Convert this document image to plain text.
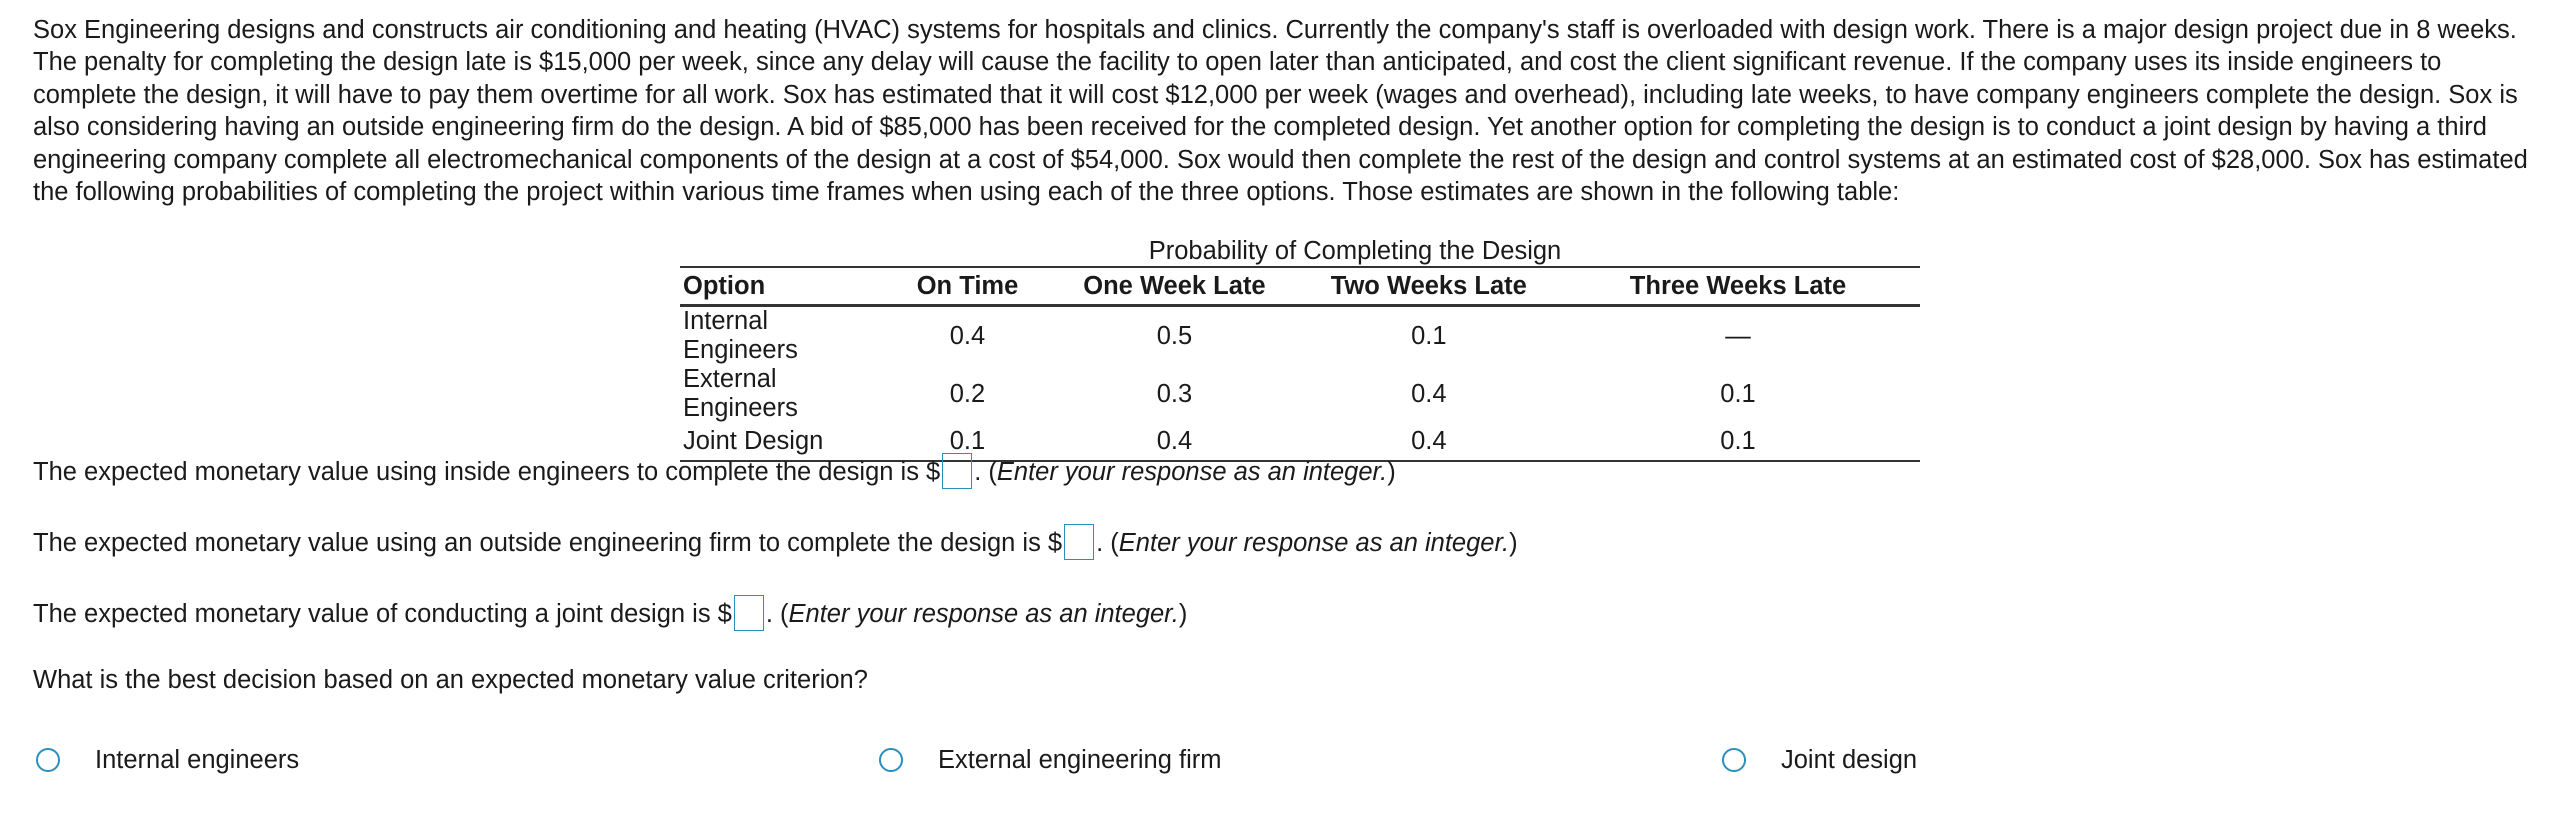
Sox Engineering designs and constructs air conditioning and heating (HVAC) systems for hospitals and clinics. Currently the company's staff is overloaded with design work. There is a major design project due in 8 weeks. The penalty for completing the design late is $15,000 per week, since any delay will cause the facility to open later than anticipated, and cost the client significant revenue. If the company uses its inside engineers to complete the design, it will have to pay them overtime for all work. Sox has estimated that it will cost $12,000 per week (wages and overhead), including late weeks, to have company engineers complete the design. Sox is also considering having an outside engineering firm do the design. A bid of $85,000 has been received for the completed design. Yet another option for completing the design is to conduct a joint design by having a third engineering company complete all electromechanical components of the design at a cost of $54,000. Sox would then complete the rest of the design and control systems at an estimated cost of $28,000. Sox has estimated the following probabilities of completing the project within various time frames when using each of the three options. Those estimates are shown in the following table:

Probability of Completing the Design
Option	On Time	One Week Late	Two Weeks Late	Three Weeks Late
Internal Engineers	0.4	0.5	0.1	—
External Engineers	0.2	0.3	0.4	0.1
Joint Design	0.1	0.4	0.4	0.1
The expected monetary value using inside engineers to complete the design is $ . (Enter your response as an integer.)
The expected monetary value using an outside engineering firm to complete the design is $ . (Enter your response as an integer.)
The expected monetary value of conducting a joint design is $ . (Enter your response as an integer.)
What is the best decision based on an expected monetary value criterion?
Internal engineers	External engineering firm	Joint design
